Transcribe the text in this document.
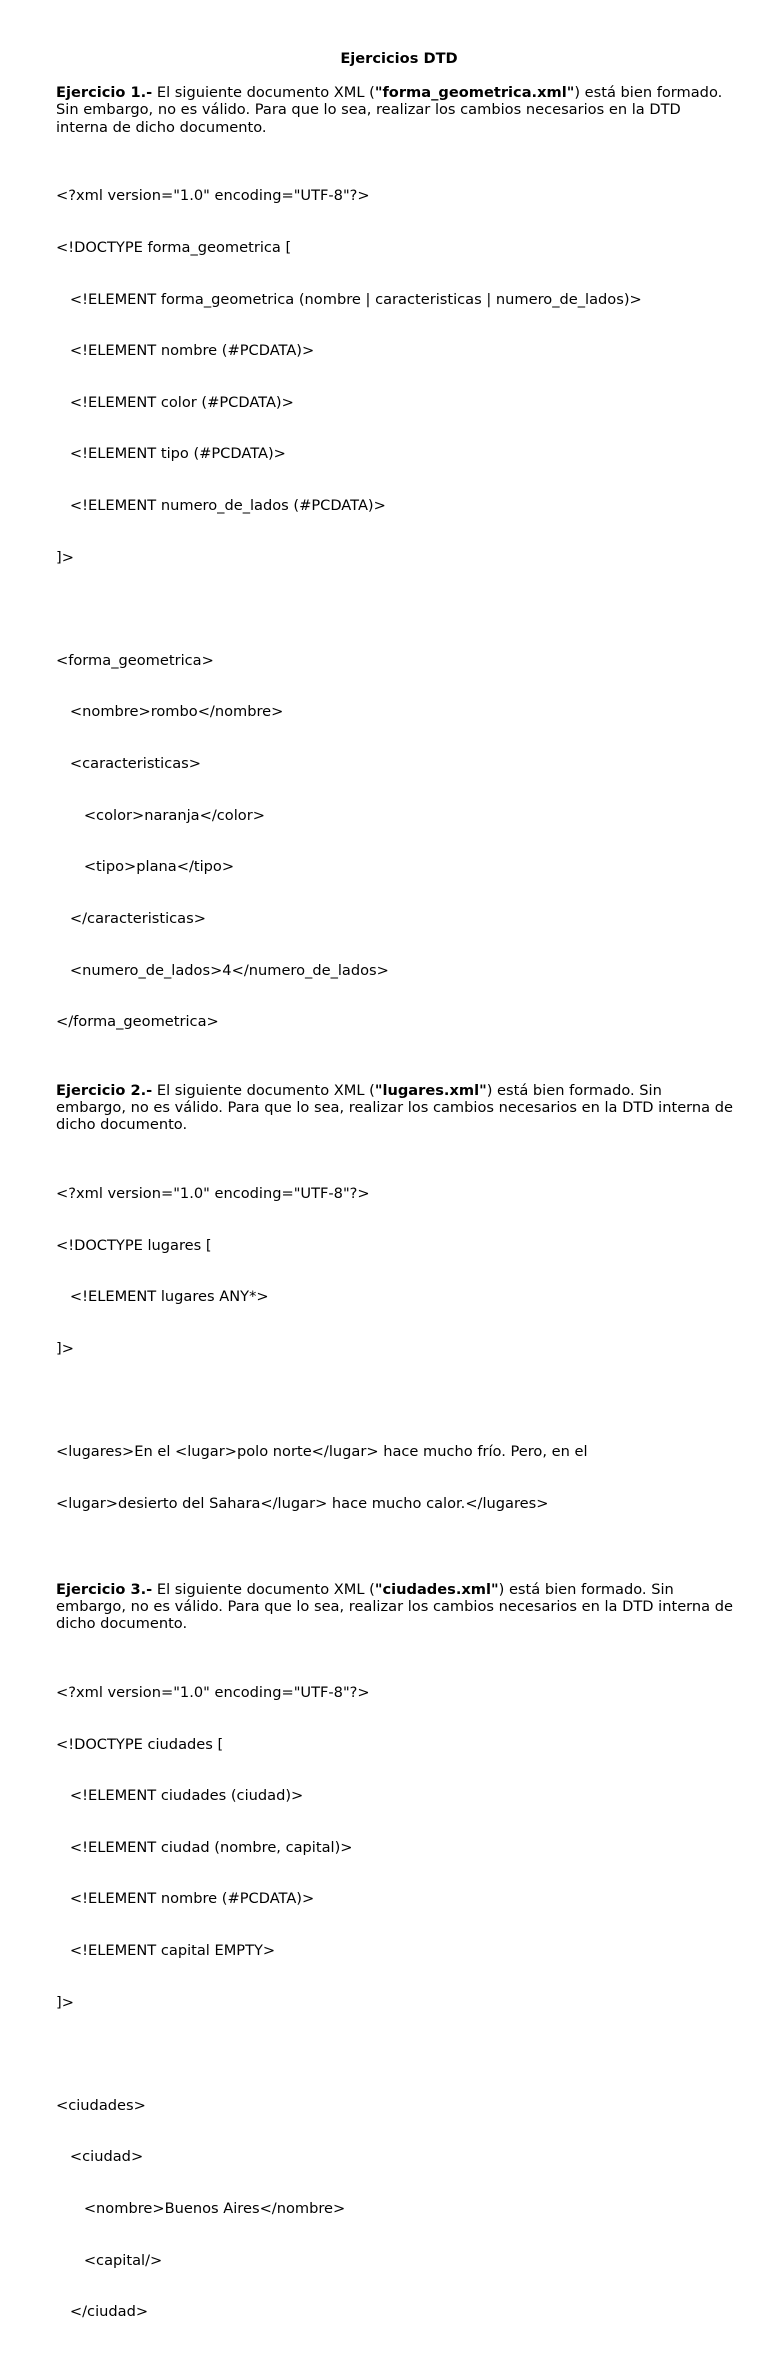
Ejercicios DTD

Ejercicio 1.- El siguiente documento XML ("forma_geometrica.xml") está bien formado. Sin embargo, no es válido. Para que lo sea, realizar los cambios necesarios en la DTD interna de dicho documento.

<?xml version="1.0" encoding="UTF-8"?>

<!DOCTYPE forma_geometrica [

<!ELEMENT forma_geometrica (nombre | caracteristicas | numero_de_lados)>

<!ELEMENT nombre (#PCDATA)>

<!ELEMENT color (#PCDATA)>

<!ELEMENT tipo (#PCDATA)>

<!ELEMENT numero_de_lados (#PCDATA)>

]>

<forma_geometrica>

<nombre>rombo</nombre>

<caracteristicas>

<color>naranja</color>

<tipo>plana</tipo>

</caracteristicas>

<numero_de_lados>4</numero_de_lados>

</forma_geometrica>

Ejercicio 2.- El siguiente documento XML ("lugares.xml") está bien formado. Sin embargo, no es válido. Para que lo sea, realizar los cambios necesarios en la DTD interna de dicho documento.

<?xml version="1.0" encoding="UTF-8"?>

<!DOCTYPE lugares [

<!ELEMENT lugares ANY*>

]>

<lugares>En el <lugar>polo norte</lugar> hace mucho frío. Pero, en el

<lugar>desierto del Sahara</lugar> hace mucho calor.</lugares>

Ejercicio 3.- El siguiente documento XML ("ciudades.xml") está bien formado. Sin embargo, no es válido. Para que lo sea, realizar los cambios necesarios en la DTD interna de dicho documento.

<?xml version="1.0" encoding="UTF-8"?>

<!DOCTYPE ciudades [

<!ELEMENT ciudades (ciudad)>

<!ELEMENT ciudad (nombre, capital)>

<!ELEMENT nombre (#PCDATA)>

<!ELEMENT capital EMPTY>

]>

<ciudades>

<ciudad>

<nombre>Buenos Aires</nombre>

<capital/>

</ciudad>
